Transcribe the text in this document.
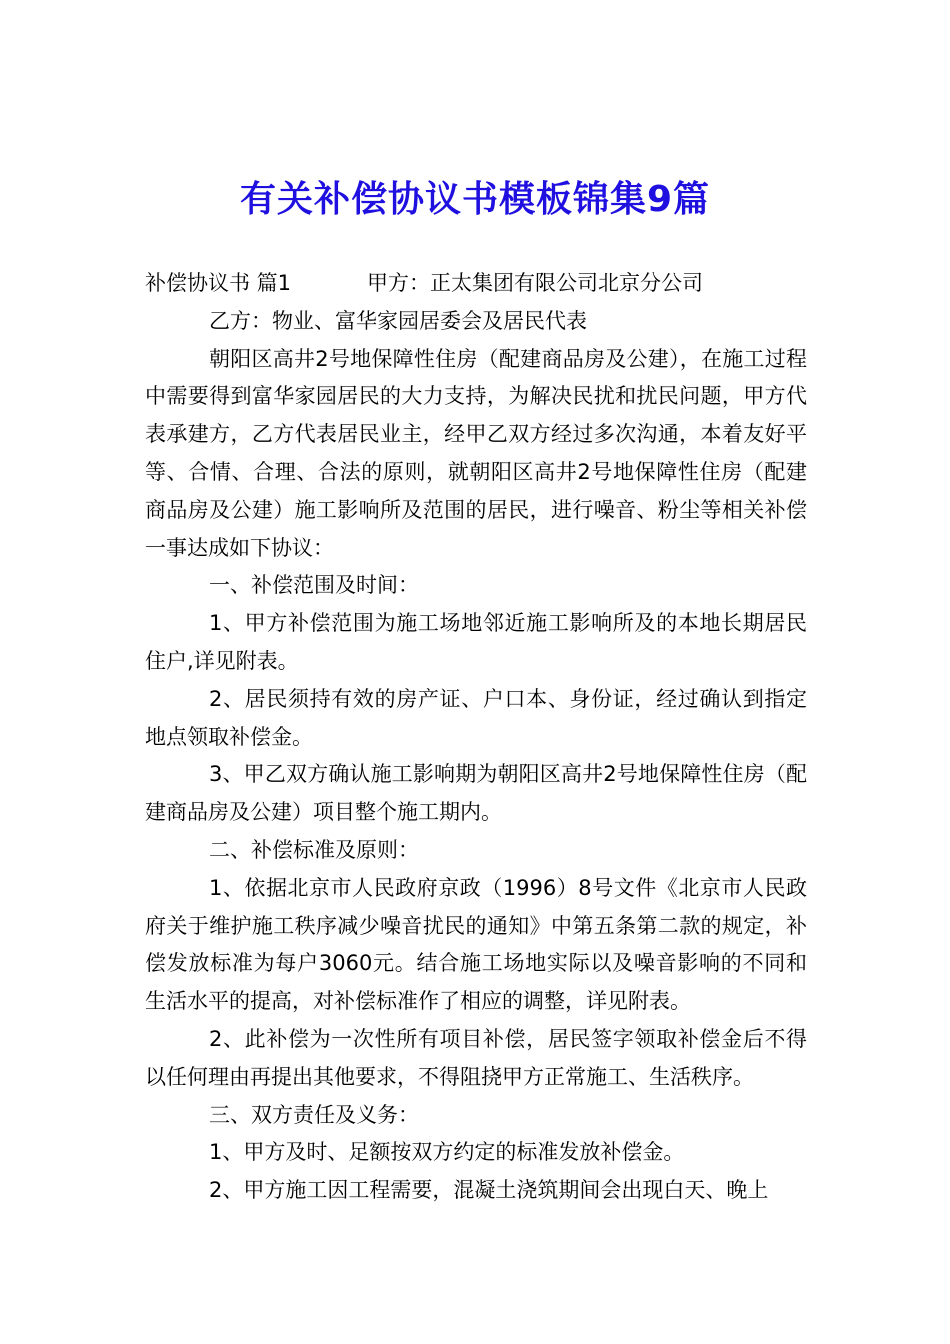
有关补偿协议书模板锦集9篇

补偿协议书 篇1	甲方：正太集团有限公司北京分公司

乙方：物业、富华家园居委会及居民代表

朝阳区高井2号地保障性住房（配建商品房及公建），在施工过程中需要得到富华家园居民的大力支持，为解决民扰和扰民问题，甲方代表承建方，乙方代表居民业主，经甲乙双方经过多次沟通，本着友好平等、合情、合理、合法的原则，就朝阳区高井2号地保障性住房（配建商品房及公建）施工影响所及范围的居民，进行噪音、粉尘等相关补偿一事达成如下协议：

一、补偿范围及时间：

1、甲方补偿范围为施工场地邻近施工影响所及的本地长期居民住户,详见附表。

2、居民须持有效的房产证、户口本、身份证，经过确认到指定地点领取补偿金。

3、甲乙双方确认施工影响期为朝阳区高井2号地保障性住房（配建商品房及公建）项目整个施工期内。

二、补偿标准及原则：

1、依据北京市人民政府京政（1996）8号文件《北京市人民政府关于维护施工秩序减少噪音扰民的通知》中第五条第二款的规定，补偿发放标准为每户3060元。结合施工场地实际以及噪音影响的不同和生活水平的提高，对补偿标准作了相应的调整，详见附表。

2、此补偿为一次性所有项目补偿，居民签字领取补偿金后不得以任何理由再提出其他要求，不得阻挠甲方正常施工、生活秩序。

三、双方责任及义务：

1、甲方及时、足额按双方约定的标准发放补偿金。

2、甲方施工因工程需要，混凝土浇筑期间会出现白天、晚上
